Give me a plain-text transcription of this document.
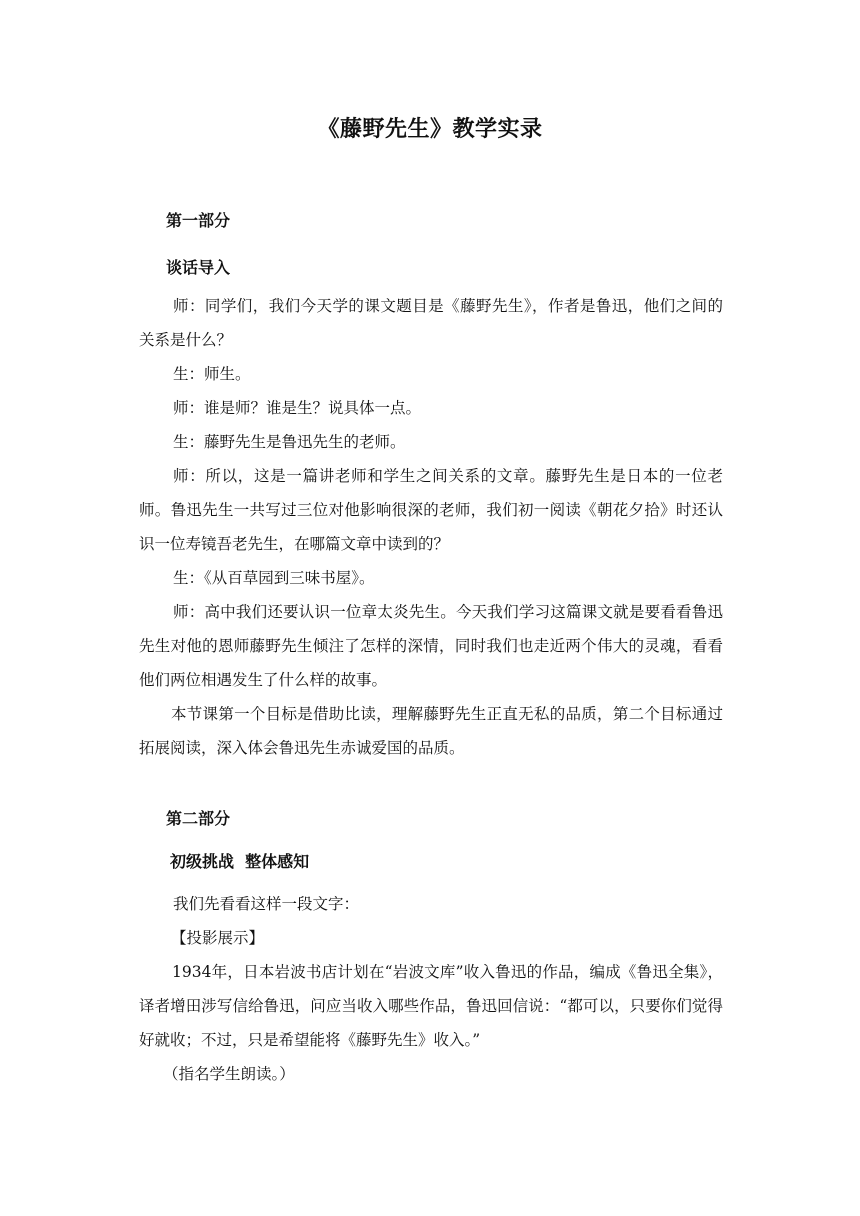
《藤野先生》教学实录
第一部分
谈话导入
师：同学们，我们今天学的课文题目是《藤野先生》，作者是鲁迅，他们之间的关系是什么？
生：师生。
师：谁是师？谁是生？说具体一点。
生：藤野先生是鲁迅先生的老师。
师：所以，这是一篇讲老师和学生之间关系的文章。藤野先生是日本的一位老师。鲁迅先生一共写过三位对他影响很深的老师，我们初一阅读《朝花夕拾》时还认识一位寿镜吾老先生，在哪篇文章中读到的？
生：《从百草园到三味书屋》。
师：高中我们还要认识一位章太炎先生。今天我们学习这篇课文就是要看看鲁迅先生对他的恩师藤野先生倾注了怎样的深情，同时我们也走近两个伟大的灵魂，看看他们两位相遇发生了什么样的故事。
本节课第一个目标是借助比读，理解藤野先生正直无私的品质，第二个目标通过拓展阅读，深入体会鲁迅先生赤诚爱国的品质。
第二部分
初级挑战  整体感知
我们先看看这样一段文字：
【投影展示】
1934年，日本岩波书店计划在“岩波文库”收入鲁迅的作品，编成《鲁迅全集》，译者增田涉写信给鲁迅，问应当收入哪些作品，鲁迅回信说：“都可以，只要你们觉得好就收；不过，只是希望能将《藤野先生》收入。”
（指名学生朗读。）
